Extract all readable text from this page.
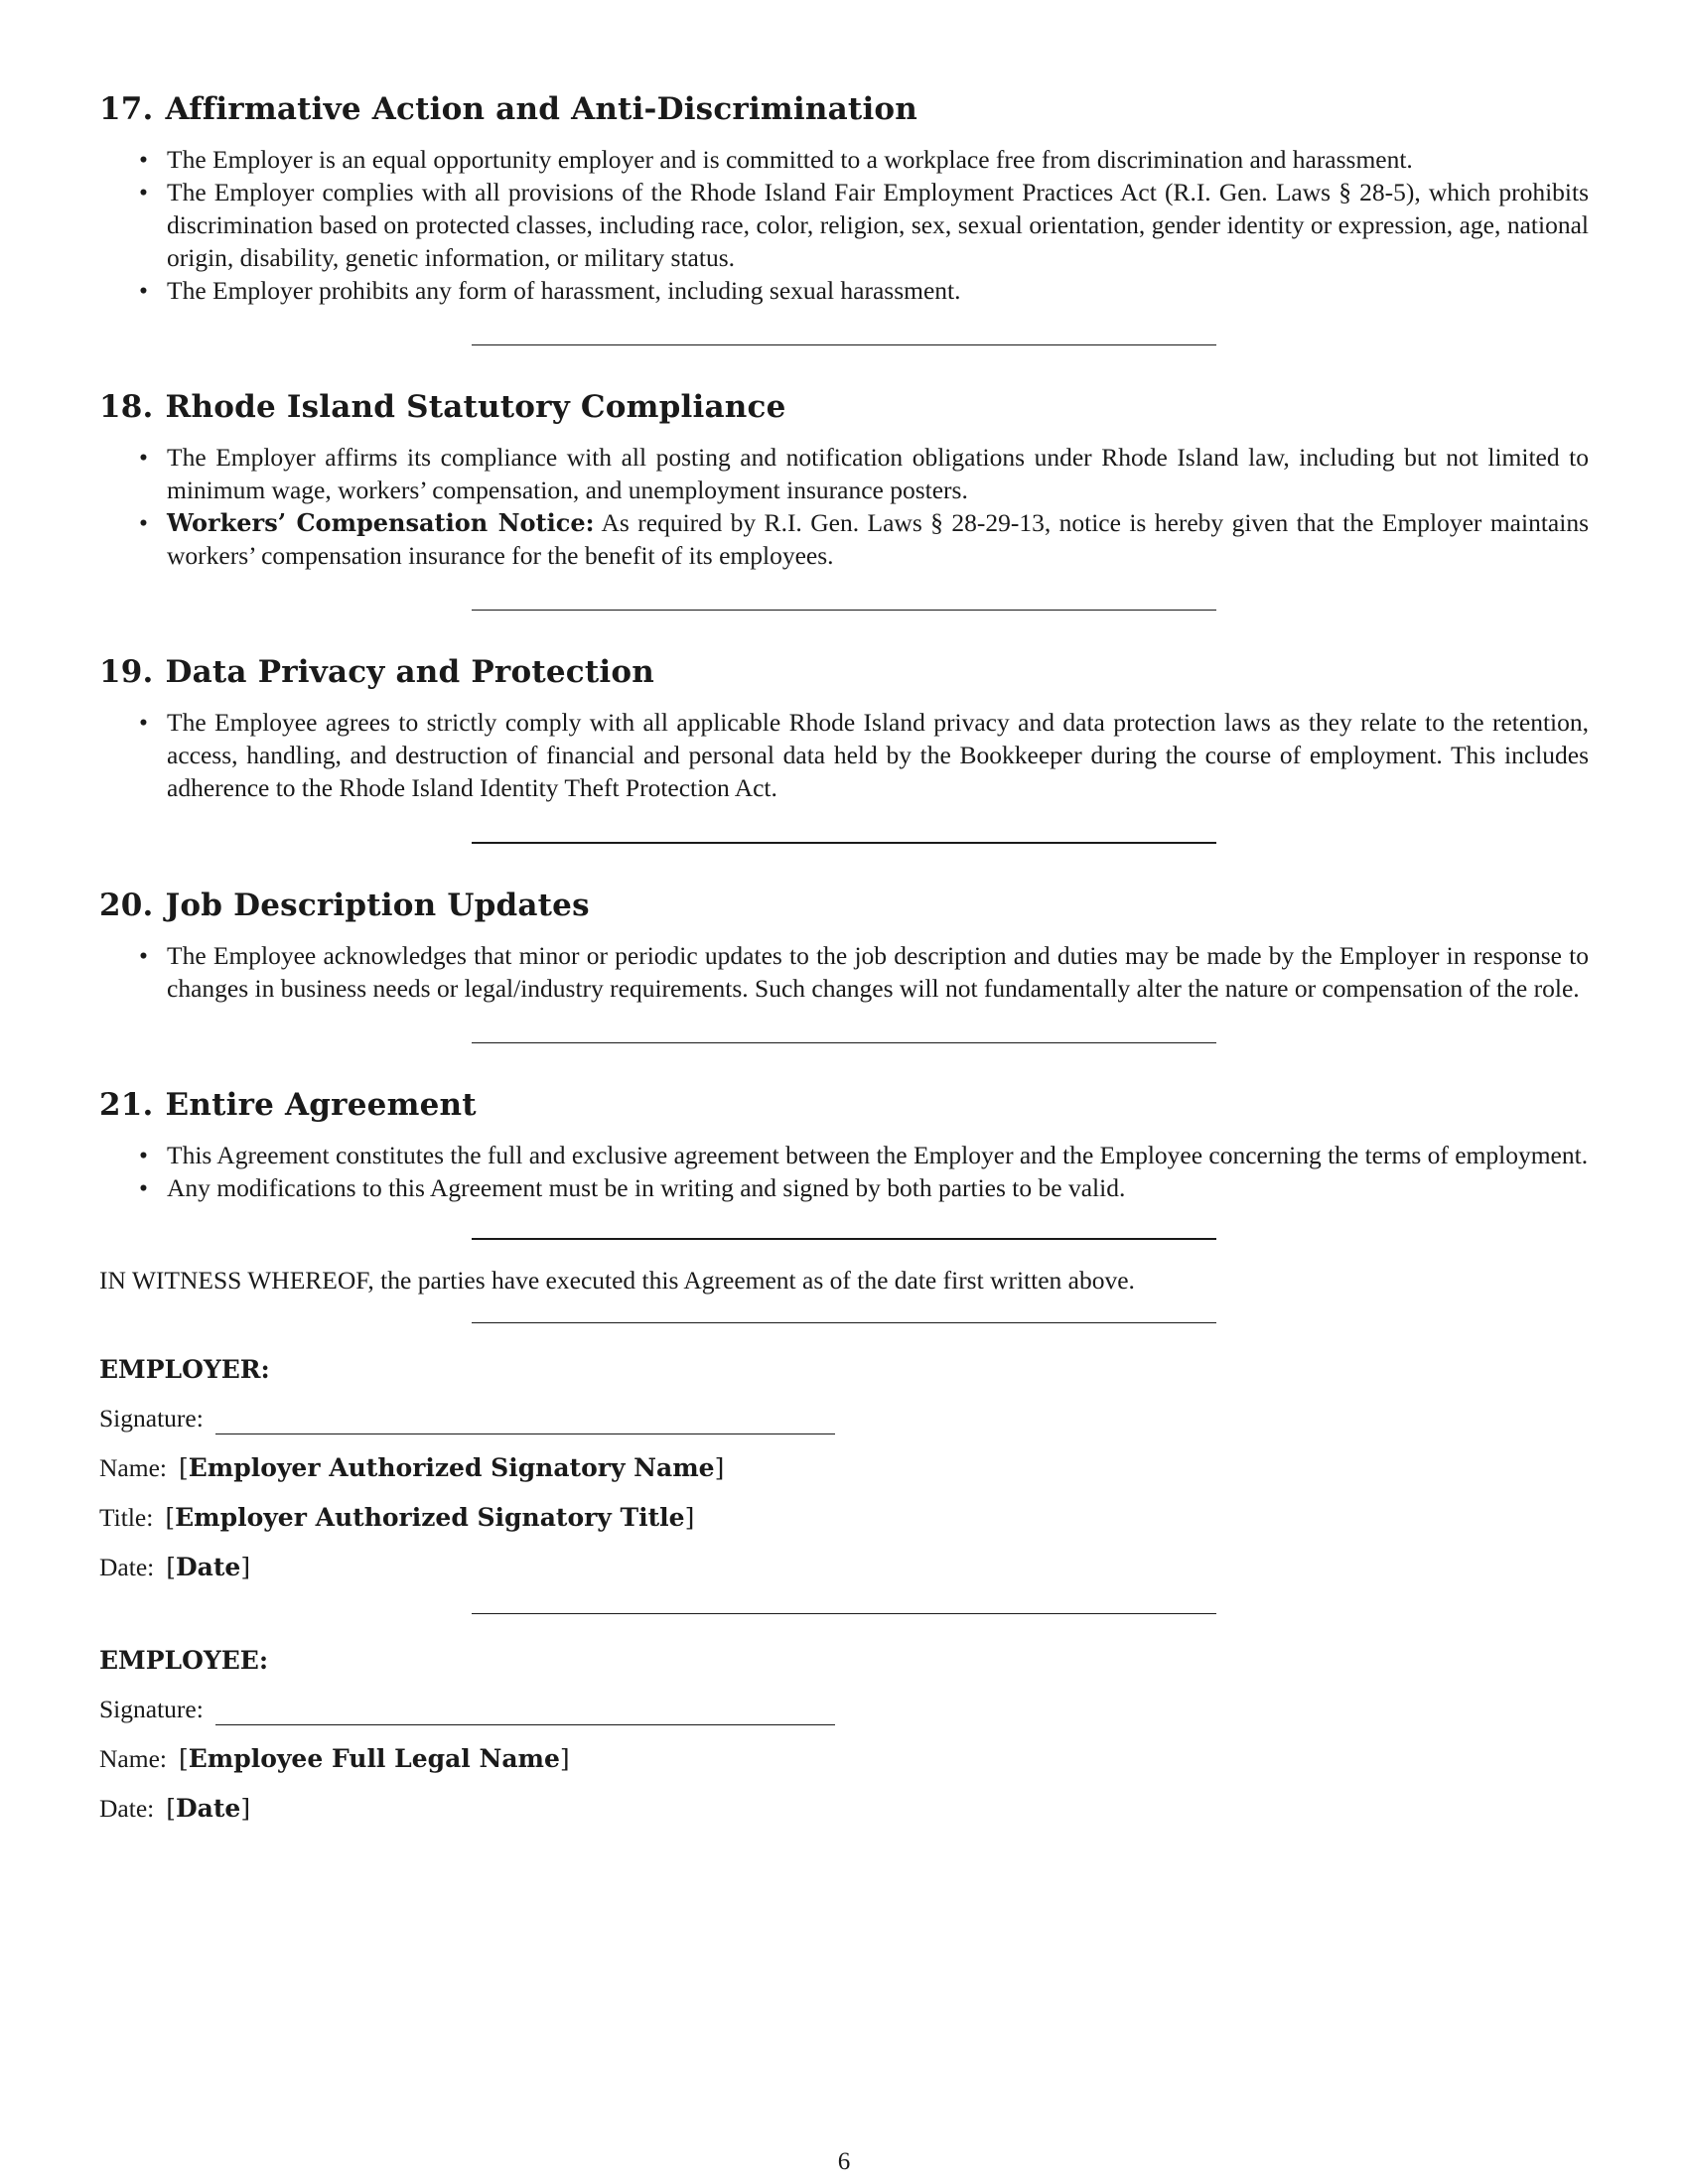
17. Affirmative Action and Anti-Discrimination
• The Employer is an equal opportunity employer and is committed to a workplace free from discrimination and harassment.
• The Employer complies with all provisions of the Rhode Island Fair Employment Practices Act (R.I. Gen. Laws § 28-5), which prohibits discrimination based on protected classes, including race, color, religion, sex, sexual orientation, gender identity or expression, age, national origin, disability, genetic information, or military status.
• The Employer prohibits any form of harassment, including sexual harassment.
18. Rhode Island Statutory Compliance
• The Employer affirms its compliance with all posting and notification obligations under Rhode Island law, including but not limited to minimum wage, workers’ compensation, and unemployment insurance posters.
• Workers’ Compensation Notice: As required by R.I. Gen. Laws § 28-29-13, notice is hereby given that the Employer maintains workers’ compensation insurance for the benefit of its employees.
19. Data Privacy and Protection
• The Employee agrees to strictly comply with all applicable Rhode Island privacy and data protection laws as they relate to the retention, access, handling, and destruction of financial and personal data held by the Bookkeeper during the course of employment. This includes adherence to the Rhode Island Identity Theft Protection Act.
20. Job Description Updates
• The Employee acknowledges that minor or periodic updates to the job description and duties may be made by the Employer in response to changes in business needs or legal/industry requirements. Such changes will not fundamentally alter the nature or compensation of the role.
21. Entire Agreement
• This Agreement constitutes the full and exclusive agreement between the Employer and the Employee concerning the terms of employment.
• Any modifications to this Agreement must be in writing and signed by both parties to be valid.

IN WITNESS WHEREOF, the parties have executed this Agreement as of the date first written above.

EMPLOYER:
Signature:
Name: [Employer Authorized Signatory Name]
Title: [Employer Authorized Signatory Title]
Date: [Date]
EMPLOYEE:
Signature:
Name: [Employee Full Legal Name]
Date: [Date]
6
